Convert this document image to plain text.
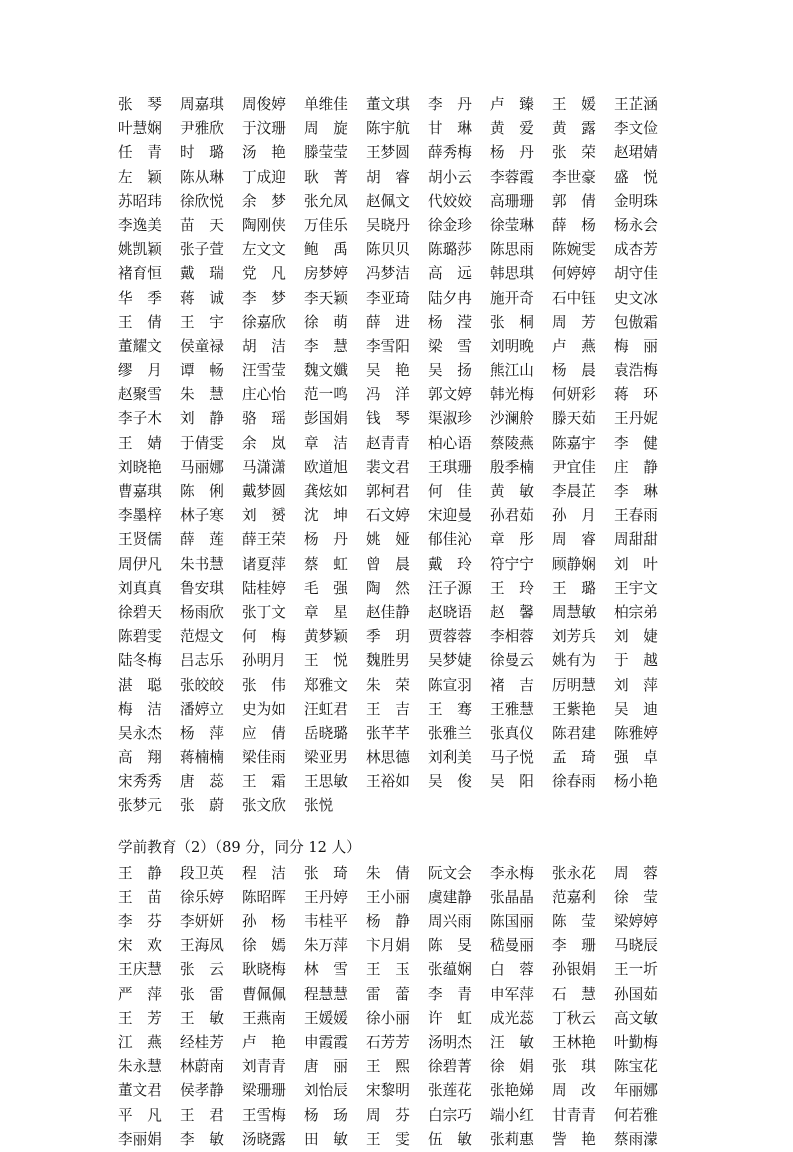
张　琴	周嘉琪	周俊婷	单维佳	董文琪	李　丹	卢　臻	王　媛	王芷涵
叶慧娴	尹雅欣	于汶珊	周　旋	陈宇航	甘　琳	黄　爱	黄　露	李文俭
任　青	时　璐	汤　艳	滕莹莹	王梦圆	薛秀梅	杨　丹	张　荣	赵珺婧
左　颖	陈从琳	丁成迎	耿　菁	胡　睿	胡小云	李蓉霞	李世豪	盛　悦
苏昭玮	徐欣悦	余　梦	张允凤	赵佩文	代姣姣	高珊珊	郭　倩	金明珠
李逸美	苗　天	陶刚侠	万佳乐	吴晓丹	徐金珍	徐莹琳	薛　杨	杨永会
姚凯颖	张子萱	左文文	鲍　禹	陈贝贝	陈璐莎	陈思雨	陈婉雯	成杏芳
褚育恒	戴　瑞	党　凡	房梦婷	冯梦洁	高　远	韩思琪	何婷婷	胡守佳
华　季	蒋　诚	李　梦	李天颖	李亚琦	陆夕冉	施开奇	石中钰	史文冰
王　倩	王　宇	徐嘉欣	徐　萌	薛　进	杨　滢	张　桐	周　芳	包傲霜
董耀文	侯童禄	胡　洁	李　慧	李雪阳	梁　雪	刘明晚	卢　燕	梅　丽
缪　月	谭　畅	汪雪莹	魏文孅	吴　艳	吴　扬	熊江山	杨　晨	袁浩梅
赵聚雪	朱　慧	庄心怡	范一鸣	冯　洋	郭文婷	韩光梅	何妍彩	蒋　环
李子木	刘　静	骆　瑶	彭国娟	钱　琴	渠淑珍	沙澜舲	滕天茹	王丹妮
王　婧	于倩雯	余　岚	章　洁	赵青青	柏心语	蔡陵燕	陈嘉宇	李　健
刘晓艳	马丽娜	马潇潇	欧道旭	裴文君	王琪珊	殷季楠	尹宜佳	庄　静
曹嘉琪	陈　俐	戴梦圆	龚炫如	郭柯君	何　佳	黄　敏	李晨芷	李　琳
李墨梓	林子寒	刘　赟	沈　坤	石文婷	宋迎曼	孙君茹	孙　月	王春雨
王贤儒	薛　莲	薛王荣	杨　丹	姚　娅	郁佳沁	章　彤	周　睿	周甜甜
周伊凡	朱书慧	诸夏萍	蔡　虹	曾　晨	戴　玲	符宁宁	顾静娴	刘　叶
刘真真	鲁安琪	陆桂婷	毛　强	陶　然	汪子源	王　玲	王　璐	王宇文
徐碧天	杨雨欣	张丁文	章　星	赵佳静	赵晓语	赵　馨	周慧敏	柏宗弟
陈碧雯	范煜文	何　梅	黄梦颖	季　玥	贾蓉蓉	李相蓉	刘芳兵	刘　婕
陆冬梅	吕志乐	孙明月	王　悦	魏胜男	吴梦婕	徐曼云	姚有为	于　越
湛　聪	张皎皎	张　伟	郑雅文	朱　荣	陈宣羽	褚　吉	厉明慧	刘　萍
梅　洁	潘婷立	史为如	汪虹君	王　吉	王　骞	王雅慧	王紫艳	吴　迪
吴永杰	杨　萍	应　倩	岳晓璐	张芊芊	张雅兰	张真仪	陈君建	陈雅婷
高　翔	蒋楠楠	梁佳雨	梁亚男	林思德	刘利美	马子悦	孟　琦	强　卓
宋秀秀	唐　蕊	王　霜	王思敏	王裕如	吴　俊	吴　阳	徐春雨	杨小艳
张梦元	张　蔚	张文欣	张悦
学前教育（2）（89 分，同分 12 人）
王　静	段卫英	程　洁	张　琦	朱　倩	阮文会	李永梅	张永花	周　蓉
王　苗	徐乐婷	陈昭晖	王丹婷	王小丽	虞建静	张晶晶	范嘉利	徐　莹
李　芬	李妍妍	孙　杨	韦桂平	杨　静	周兴雨	陈国丽	陈　莹	梁婷婷
宋　欢	王海凤	徐　嫣	朱万萍	卞月娟	陈　旻	嵇曼丽	李　珊	马晓辰
王庆慧	张　云	耿晓梅	林　雪	王　玉	张蕴娴	白　蓉	孙银娟	王一圻
严　萍	张　雷	曹佩佩	程慧慧	雷　蕾	李　青	申军萍	石　慧	孙国茹
王　芳	王　敏	王燕南	王媛媛	徐小丽	许　虹	成光蕊	丁秋云	高文敏
江　燕	经桂芳	卢　艳	申霞霞	石芳芳	汤明杰	汪　敏	王林艳	叶勤梅
朱永慧	林蔚南	刘青青	唐　丽	王　熙	徐碧菁	徐　娟	张　琪	陈宝花
董文君	侯孝静	梁珊珊	刘怡辰	宋黎明	张莲花	张艳娣	周　改	年丽娜
平　凡	王　君	王雪梅	杨　玚	周　芬	白宗巧	端小红	甘青青	何若雅
李丽娟	李　敏	汤晓露	田　敏	王　雯	伍　敏	张莉惠	訾　艳	蔡雨濛
